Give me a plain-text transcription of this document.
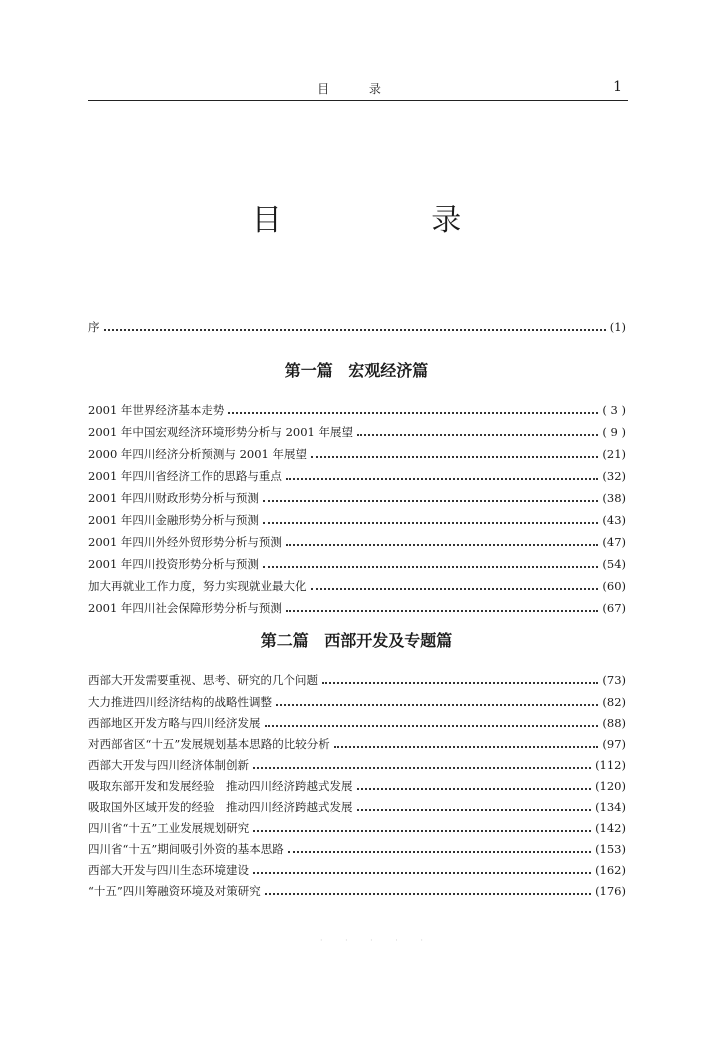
目 录	1
目 录
序	(1)
第一篇 宏观经济篇
2001 年世界经济基本走势	( 3 )
2001 年中国宏观经济环境形势分析与 2001 年展望	( 9 )
2000 年四川经济分析预测与 2001 年展望	(21)
2001 年四川省经济工作的思路与重点	(32)
2001 年四川财政形势分析与预测	(38)
2001 年四川金融形势分析与预测	(43)
2001 年四川外经外贸形势分析与预测	(47)
2001 年四川投资形势分析与预测	(54)
加大再就业工作力度，努力实现就业最大化	(60)
2001 年四川社会保障形势分析与预测	(67)
第二篇 西部开发及专题篇
西部大开发需要重视、思考、研究的几个问题	(73)
大力推进四川经济结构的战略性调整	(82)
西部地区开发方略与四川经济发展	(88)
对西部省区“十五”发展规划基本思路的比较分析	(97)
西部大开发与四川经济体制创新	(112)
吸取东部开发和发展经验　推动四川经济跨越式发展	(120)
吸取国外区域开发的经验　推动四川经济跨越式发展	(134)
四川省“十五”工业发展规划研究	(142)
四川省“十五”期间吸引外资的基本思路	(153)
西部大开发与四川生态环境建设	(162)
“十五”四川筹融资环境及对策研究	(176)
· · · · ·
